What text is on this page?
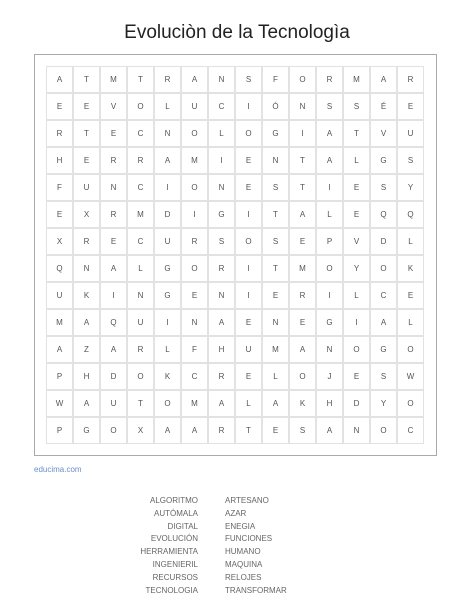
Evoluciòn de la Tecnologìa
A	T	M	T	R	A	N	S	F	O	R	M	A	R
E	E	V	O	L	U	C	I	Ó	N	S	S	É	E
R	T	E	C	N	O	L	O	G	I	A	T	V	U
H	E	R	R	A	M	I	E	N	T	A	L	G	S
F	U	N	C	I	O	N	E	S	T	I	E	S	Y
E	X	R	M	D	I	G	I	T	A	L	E	Q	Q
X	R	E	C	U	R	S	O	S	E	P	V	D	L
Q	N	A	L	G	O	R	I	T	M	O	Y	O	K
U	K	I	N	G	E	N	I	E	R	I	L	C	E
M	A	Q	U	I	N	A	E	N	E	G	I	A	L
A	Z	A	R	L	F	H	U	M	A	N	O	G	O
P	H	D	O	K	C	R	E	L	O	J	E	S	W
W	A	U	T	O	M	A	L	A	K	H	D	Y	O
P	G	O	X	A	A	R	T	E	S	A	N	O	C
educima.com
ALGORITMO
AUTÓMALA
DIGITAL
EVOLUCIÓN
HERRAMIENTA
INGENIERIL
RECURSOS
TECNOLOGIA
ARTESANO
AZAR
ENEGIA
FUNCIONES
HUMANO
MAQUINA
RELOJES
TRANSFORMAR
